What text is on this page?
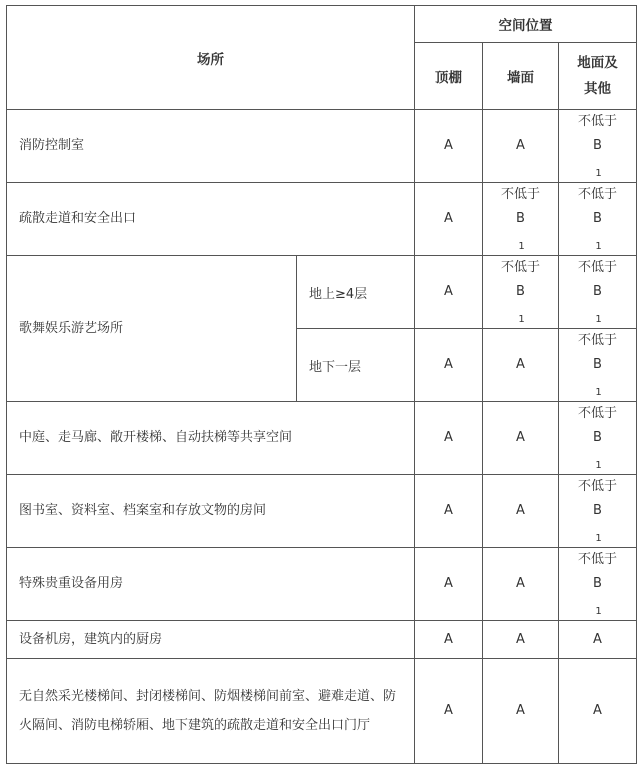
场所		空间位置		
		顶棚	墙面	地面及其他

消防控制室		A	A	不低于
B
1

疏散走道和安全出口		A	不低于
B
1	不低于
B
1

歌舞娱乐游艺场所	地上≥4层	A	不低于
B
1	不低于
B
1

	地下一层	A	A	不低于
B
1

中庭、走马廊、敞开楼梯、自动扶梯等共享空间		A	A	不低于
B
1

图书室、资料室、档案室和存放文物的房间		A	A	不低于
B
1

特殊贵重设备用房		A	A	不低于
B
1

设备机房，建筑内的厨房		A	A	A
无自然采光楼梯间、封闭楼梯间、防烟楼梯间前室、避难走道、防火隔间、消防电梯轿厢、地下建筑的疏散走道和安全出口门厅		A	A	A
